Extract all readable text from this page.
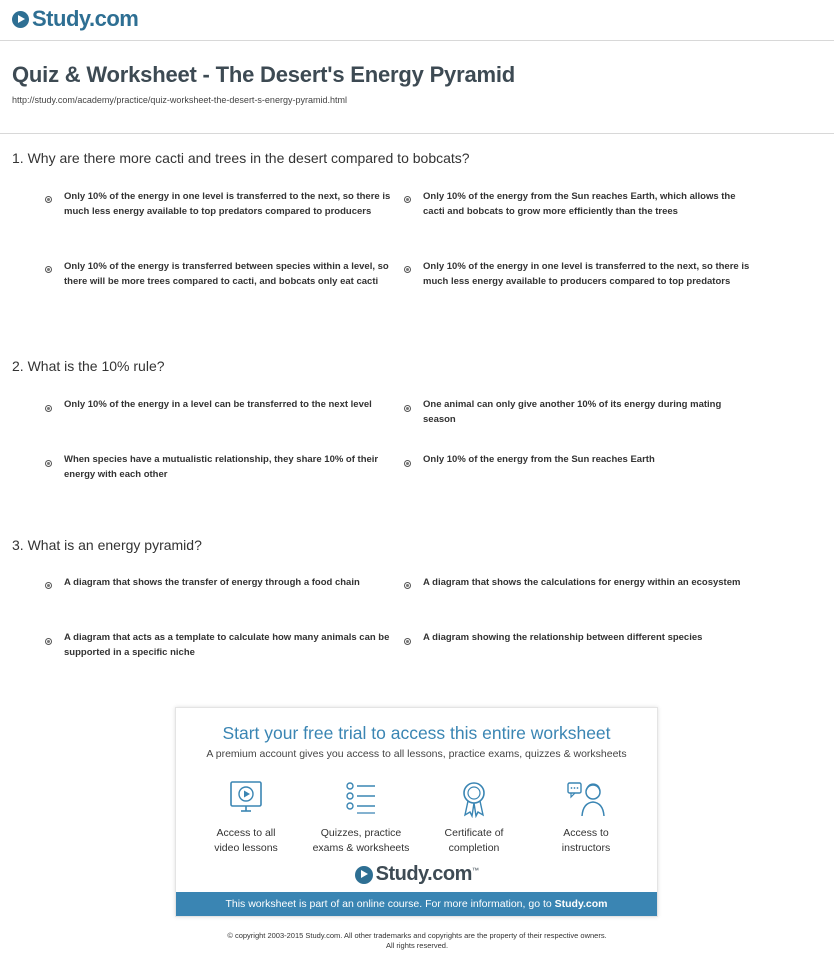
Study.com
Quiz & Worksheet - The Desert's Energy Pyramid
http://study.com/academy/practice/quiz-worksheet-the-desert-s-energy-pyramid.html
1. Why are there more cacti and trees in the desert compared to bobcats?
Only 10% of the energy in one level is transferred to the next, so there is much less energy available to top predators compared to producers
Only 10% of the energy from the Sun reaches Earth, which allows the cacti and bobcats to grow more efficiently than the trees
Only 10% of the energy is transferred between species within a level, so there will be more trees compared to cacti, and bobcats only eat cacti
Only 10% of the energy in one level is transferred to the next, so there is much less energy available to producers compared to top predators
2. What is the 10% rule?
Only 10% of the energy in a level can be transferred to the next level	One animal can only give another 10% of its energy during mating season
When species have a mutualistic relationship, they share 10% of their energy with each other
Only 10% of the energy from the Sun reaches Earth
3. What is an energy pyramid?
A diagram that shows the transfer of energy through a food chain	A diagram that shows the calculations for energy within an ecosystem
A diagram that acts as a template to calculate how many animals can be supported in a specific niche
A diagram showing the relationship between different species
Start your free trial to access this entire worksheet
A premium account gives you access to all lessons, practice exams, quizzes & worksheets
Access to all
video lessons
Quizzes, practice
exams & worksheets
Certificate of
completion
Access to
instructors
Study.com™
This worksheet is part of an online course. For more information, go to Study.com
© copyright 2003-2015 Study.com. All other trademarks and copyrights are the property of their respective owners.
All rights reserved.
